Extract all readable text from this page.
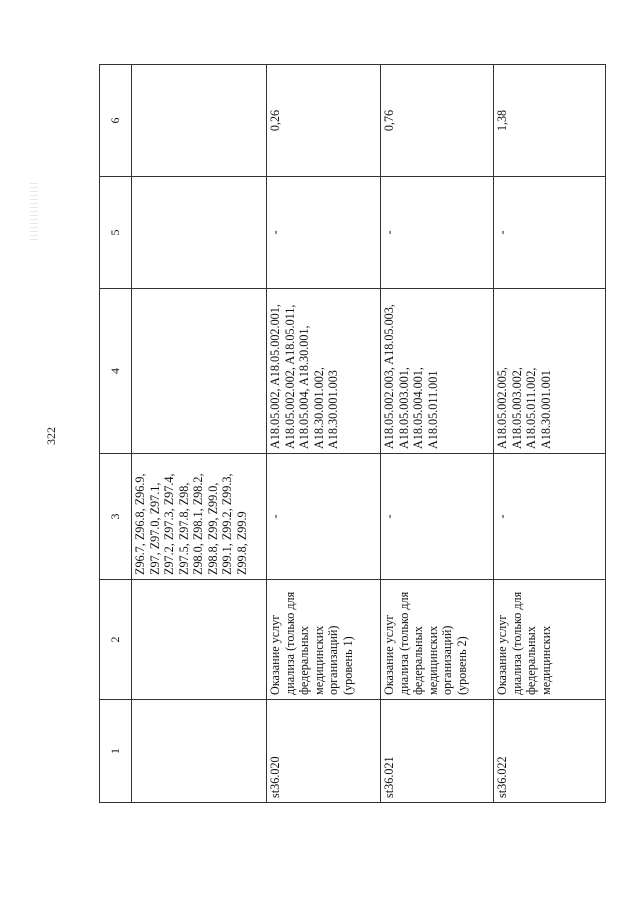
322
1	2	3	4	5	6
		Z96.7, Z96.8, Z96.9, Z97, Z97.0, Z97.1, Z97.2, Z97.3, Z97.4, Z97.5, Z97.8, Z98, Z98.0, Z98.1, Z98.2, Z98.8, Z99, Z99.0, Z99.1, Z99.2, Z99.3, Z99.8, Z99.9			
st36.020	Оказание услуг диализа (только для федеральных медицинских организаций) (уровень 1)	-	A18.05.002, A18.05.002.001, A18.05.002.002, A18.05.011, A18.05.004, A18.30.001, A18.30.001.002, A18.30.001.003	-	0,26
st36.021	Оказание услуг диализа (только для федеральных медицинских организаций) (уровень 2)	-	A18.05.002.003, A18.05.003, A18.05.003.001, A18.05.004.001, A18.05.011.001	-	0,76
st36.022	Оказание услуг диализа (только для федеральных медицинских	-	A18.05.002.005, A18.05.003.002, A18.05.011.002, A18.30.001.001	-	1,38
